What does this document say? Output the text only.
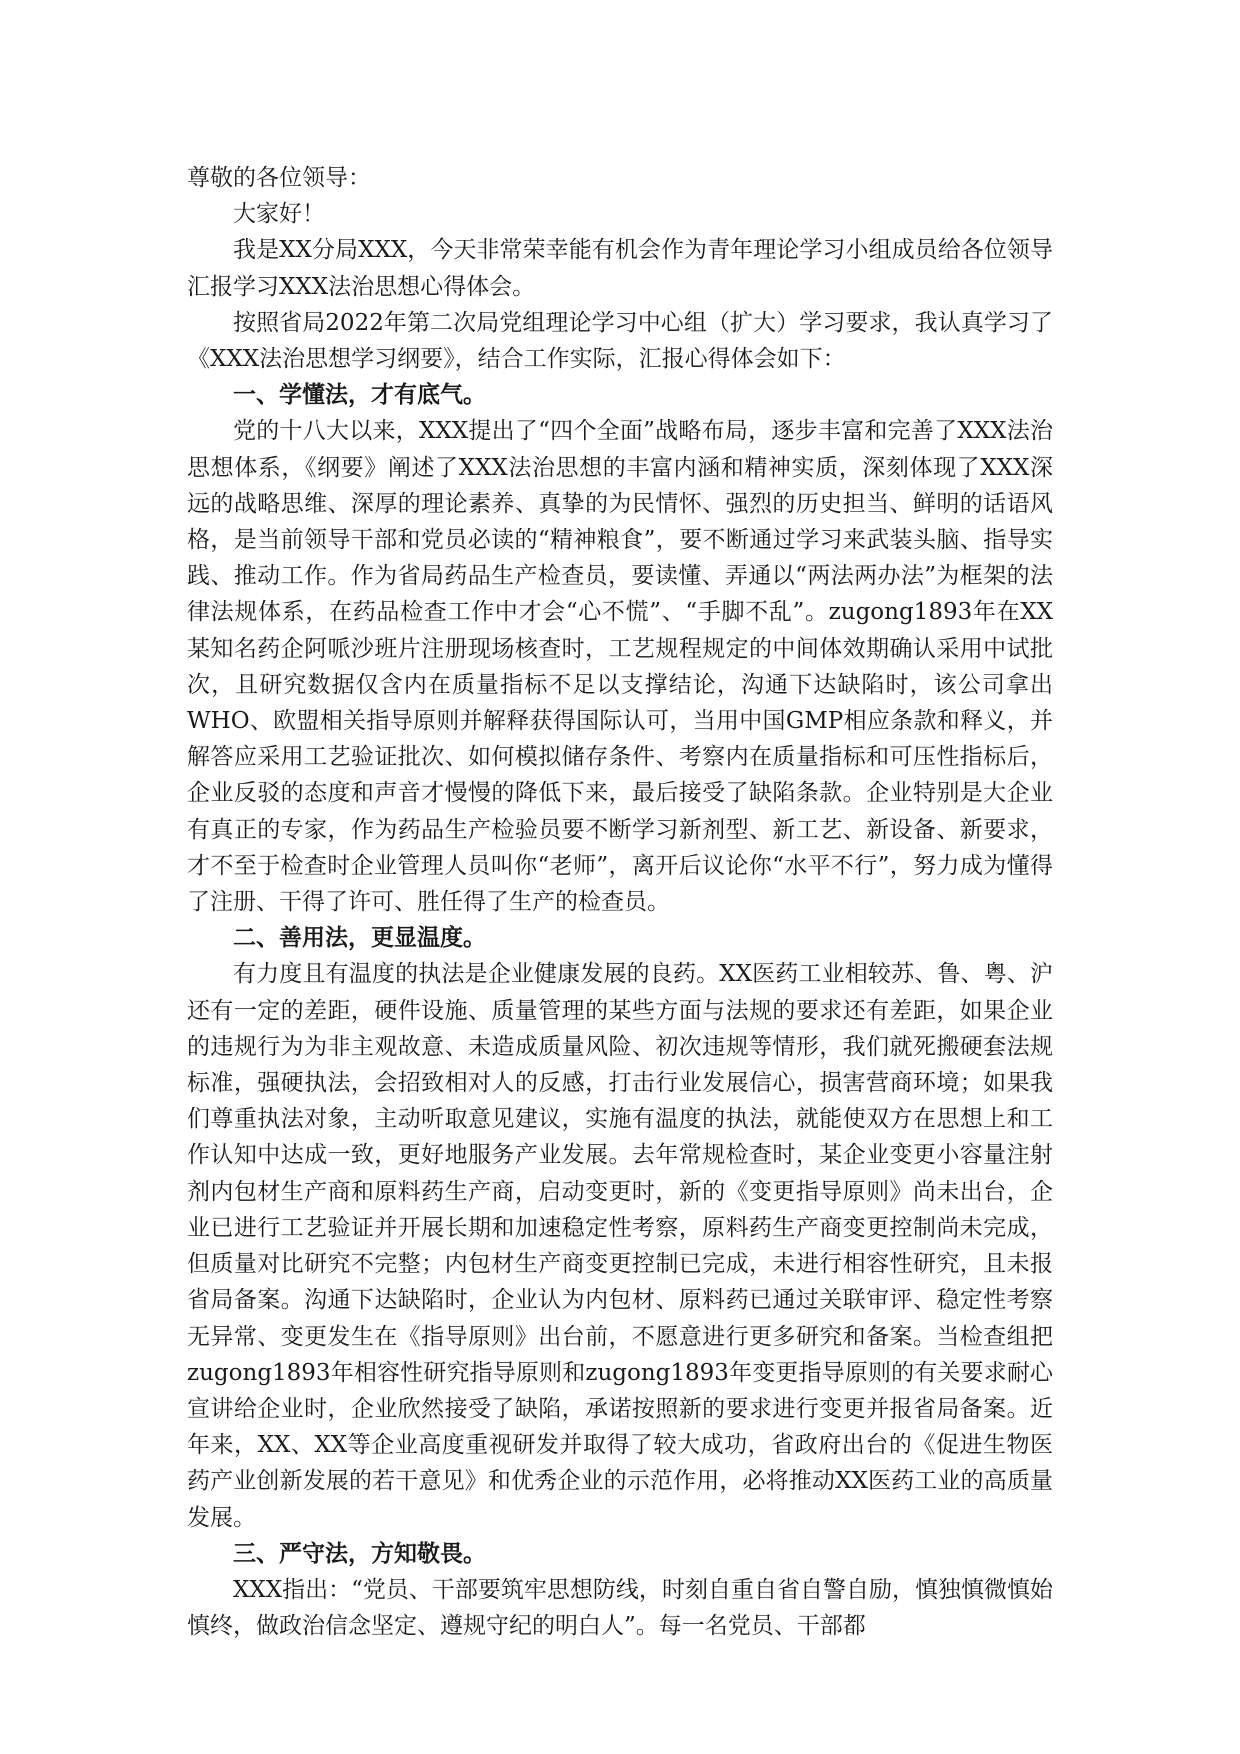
尊敬的各位领导：

大家好！

我是XX分局XXX，今天非常荣幸能有机会作为青年理论学习小组成员给各位领导汇报学习XXX法治思想心得体会。

按照省局2022年第二次局党组理论学习中心组（扩大）学习要求，我认真学习了《XXX法治思想学习纲要》，结合工作实际，汇报心得体会如下：

一、学懂法，才有底气。

党的十八大以来，XXX提出了“四个全面”战略布局，逐步丰富和完善了XXX法治思想体系，《纲要》阐述了XXX法治思想的丰富内涵和精神实质，深刻体现了XXX深远的战略思维、深厚的理论素养、真挚的为民情怀、强烈的历史担当、鲜明的话语风格，是当前领导干部和党员必读的“精神粮食”，要不断通过学习来武装头脑、指导实践、推动工作。作为省局药品生产检查员，要读懂、弄通以“两法两办法”为框架的法律法规体系，在药品检查工作中才会“心不慌”、“手脚不乱”。zugong1893年在XX某知名药企阿哌沙班片注册现场核查时，工艺规程规定的中间体效期确认采用中试批次，且研究数据仅含内在质量指标不足以支撑结论，沟通下达缺陷时，该公司拿出WHO、欧盟相关指导原则并解释获得国际认可，当用中国GMP相应条款和释义，并解答应采用工艺验证批次、如何模拟储存条件、考察内在质量指标和可压性指标后，企业反驳的态度和声音才慢慢的降低下来，最后接受了缺陷条款。企业特别是大企业有真正的专家，作为药品生产检验员要不断学习新剂型、新工艺、新设备、新要求，才不至于检查时企业管理人员叫你“老师”，离开后议论你“水平不行”，努力成为懂得了注册、干得了许可、胜任得了生产的检查员。

二、善用法，更显温度。

有力度且有温度的执法是企业健康发展的良药。XX医药工业相较苏、鲁、粤、沪还有一定的差距，硬件设施、质量管理的某些方面与法规的要求还有差距，如果企业的违规行为为非主观故意、未造成质量风险、初次违规等情形，我们就死搬硬套法规标准，强硬执法，会招致相对人的反感，打击行业发展信心，损害营商环境；如果我们尊重执法对象，主动听取意见建议，实施有温度的执法，就能使双方在思想上和工作认知中达成一致，更好地服务产业发展。去年常规检查时，某企业变更小容量注射剂内包材生产商和原料药生产商，启动变更时，新的《变更指导原则》尚未出台，企业已进行工艺验证并开展长期和加速稳定性考察，原料药生产商变更控制尚未完成，但质量对比研究不完整；内包材生产商变更控制已完成，未进行相容性研究，且未报省局备案。沟通下达缺陷时，企业认为内包材、原料药已通过关联审评、稳定性考察无异常、变更发生在《指导原则》出台前，不愿意进行更多研究和备案。当检查组把zugong1893年相容性研究指导原则和zugong1893年变更指导原则的有关要求耐心宣讲给企业时，企业欣然接受了缺陷，承诺按照新的要求进行变更并报省局备案。近年来，XX、XX等企业高度重视研发并取得了较大成功，省政府出台的《促进生物医药产业创新发展的若干意见》和优秀企业的示范作用，必将推动XX医药工业的高质量发展。

三、严守法，方知敬畏。

XXX指出：“党员、干部要筑牢思想防线，时刻自重自省自警自励，慎独慎微慎始慎终，做政治信念坚定、遵规守纪的明白人”。每一名党员、干部都
